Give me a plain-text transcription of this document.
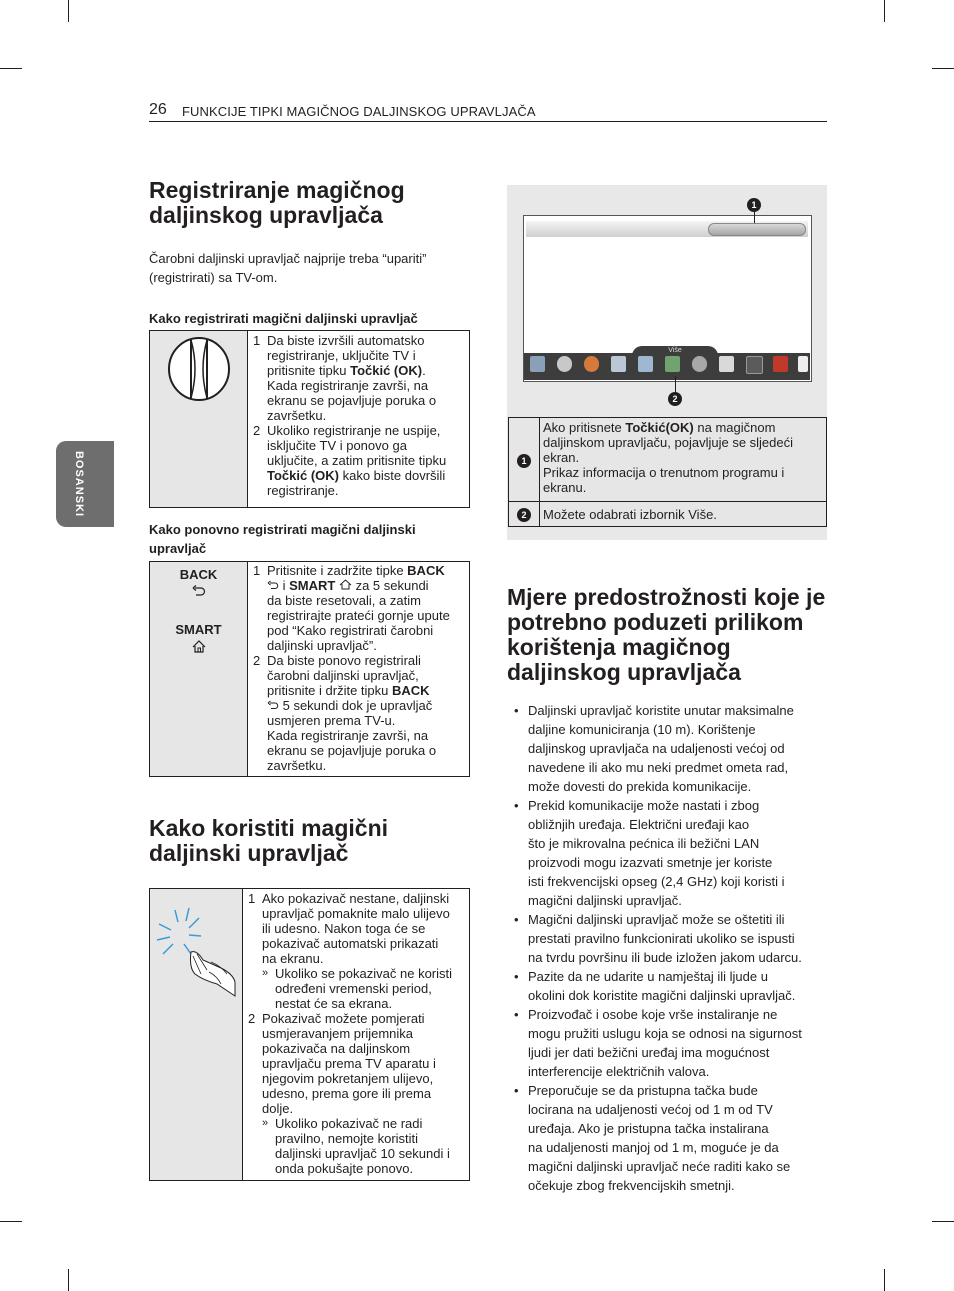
26 FUNKCIJE TIPKI MAGIČNOG DALJINSKOG UPRAVLJAČA
BOSANSKI
Registriranje magičnog
daljinskog upravljača
Čarobni daljinski upravljač najprije treba “upariti”
(registrirati) sa TV-om.
Kako registrirati magični daljinski upravljač

1 Da biste izvršili automatsko
registriranje, uključite TV i
pritisnite tipku Točkić (OK).
Kada registriranje završi, na
ekranu se pojavljuje poruka o
završetku.
2 Ukoliko registriranje ne uspije,
isključite TV i ponovo ga
uključite, a zatim pritisnite tipku
Točkić (OK) kako biste dovršili
registriranje.
Kako ponovno registrirati magični daljinski
upravljač
BACK
SMART

1 Pritisnite i zadržite tipke BACK
i SMART  za 5 sekundi
da biste resetovali, a zatim
registrirajte prateći gornje upute
pod “Kako registrirati čarobni
daljinski upravljač”.
2 Da biste ponovo registrirali
čarobni daljinski upravljač,
pritisnite i držite tipku BACK
5 sekundi dok je upravljač
usmjeren prema TV-u.
Kada registriranje završi, na
ekranu se pojavljuje poruka o
završetku.
Kako koristiti magični
daljinski upravljač

1 Ako pokazivač nestane, daljinski
upravljač pomaknite malo ulijevo
ili udesno. Nakon toga će se
pokazivač automatski prikazati
na ekranu.
» Ukoliko se pokazivač ne koristi
određeni vremenski period,
nestat će sa ekrana.
2 Pokazivač možete pomjerati
usmjeravanjem prijemnika
pokazivača na daljinskom
upravljaču prema TV aparatu i
njegovim pokretanjem ulijevo,
udesno, prema gore ili prema
dolje.
» Ukoliko pokazivač ne radi
pravilno, nemojte koristiti
daljinski upravljač 10 sekundi i
onda pokušajte ponovo.
Više
1
2
1	Ako pritisnete Točkić(OK) na magičnom
daljinskom upravljaču, pojavljuje se sljedeći
ekran.
Prikaz informacija o trenutnom programu i
ekranu.
2	Možete odabrati izbornik Više.
Mjere predostrožnosti koje je
potrebno poduzeti prilikom
korištenja magičnog
daljinskog upravljača
• Daljinski upravljač koristite unutar maksimalne
daljine komuniciranja (10 m). Korištenje
daljinskog upravljača na udaljenosti većoj od
navedene ili ako mu neki predmet ometa rad,
može dovesti do prekida komunikacije.
• Prekid komunikacije može nastati i zbog
obližnjih uređaja. Električni uređaji kao
što je mikrovalna pećnica ili bežični LAN
proizvodi mogu izazvati smetnje jer koriste
isti frekvencijski opseg (2,4 GHz) koji koristi i
magični daljinski upravljač.
• Magični daljinski upravljač može se oštetiti ili
prestati pravilno funkcionirati ukoliko se ispusti
na tvrdu površinu ili bude izložen jakom udarcu.
• Pazite da ne udarite u namještaj ili ljude u
okolini dok koristite magični daljinski upravljač.
• Proizvođač i osobe koje vrše instaliranje ne
mogu pružiti uslugu koja se odnosi na sigurnost
ljudi jer dati bežični uređaj ima mogućnost
interferencije električnih valova.
• Preporučuje se da pristupna tačka bude
locirana na udaljenosti većoj od 1 m od TV
uređaja. Ako je pristupna tačka instalirana
na udaljenosti manjoj od 1 m, moguće je da
magični daljinski upravljač neće raditi kako se
očekuje zbog frekvencijskih smetnji.
